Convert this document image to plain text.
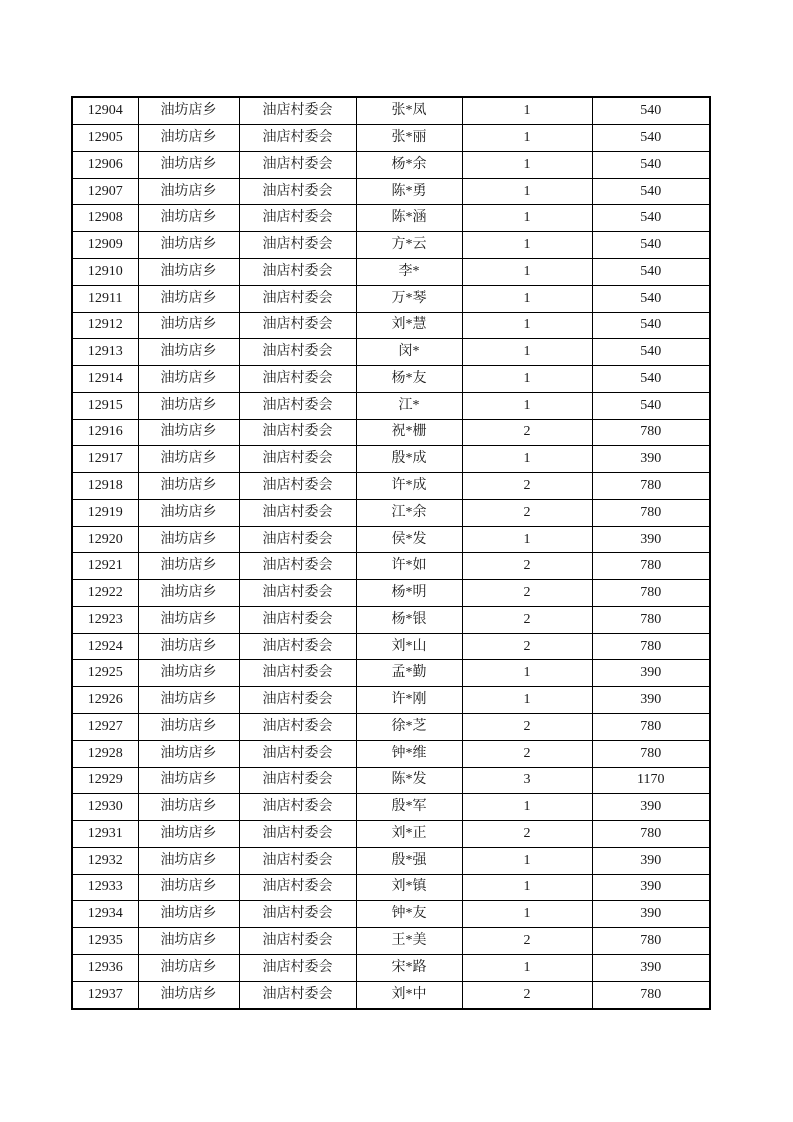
12904	油坊店乡	油店村委会	张*凤	1	540
12905	油坊店乡	油店村委会	张*丽	1	540
12906	油坊店乡	油店村委会	杨*余	1	540
12907	油坊店乡	油店村委会	陈*勇	1	540
12908	油坊店乡	油店村委会	陈*涵	1	540
12909	油坊店乡	油店村委会	方*云	1	540
12910	油坊店乡	油店村委会	李*	1	540
12911	油坊店乡	油店村委会	万*琴	1	540
12912	油坊店乡	油店村委会	刘*慧	1	540
12913	油坊店乡	油店村委会	闵*	1	540
12914	油坊店乡	油店村委会	杨*友	1	540
12915	油坊店乡	油店村委会	江*	1	540
12916	油坊店乡	油店村委会	祝*栅	2	780
12917	油坊店乡	油店村委会	殷*成	1	390
12918	油坊店乡	油店村委会	许*成	2	780
12919	油坊店乡	油店村委会	江*余	2	780
12920	油坊店乡	油店村委会	侯*发	1	390
12921	油坊店乡	油店村委会	许*如	2	780
12922	油坊店乡	油店村委会	杨*明	2	780
12923	油坊店乡	油店村委会	杨*银	2	780
12924	油坊店乡	油店村委会	刘*山	2	780
12925	油坊店乡	油店村委会	孟*勤	1	390
12926	油坊店乡	油店村委会	许*刚	1	390
12927	油坊店乡	油店村委会	徐*芝	2	780
12928	油坊店乡	油店村委会	钟*维	2	780
12929	油坊店乡	油店村委会	陈*发	3	1170
12930	油坊店乡	油店村委会	殷*军	1	390
12931	油坊店乡	油店村委会	刘*正	2	780
12932	油坊店乡	油店村委会	殷*强	1	390
12933	油坊店乡	油店村委会	刘*镇	1	390
12934	油坊店乡	油店村委会	钟*友	1	390
12935	油坊店乡	油店村委会	王*美	2	780
12936	油坊店乡	油店村委会	宋*路	1	390
12937	油坊店乡	油店村委会	刘*中	2	780
